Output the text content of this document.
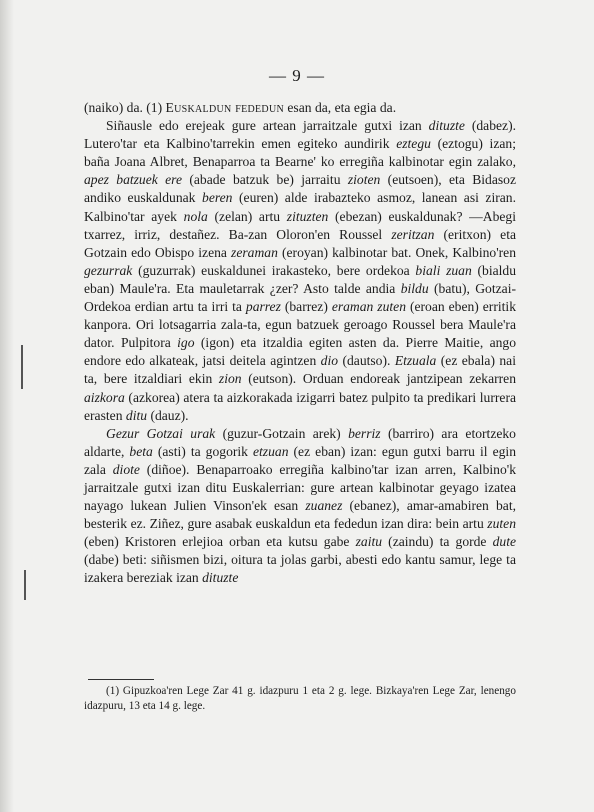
— 9 —

(naiko) da. (1) Euskaldun fededun esan da, eta egia da.

Siñausle edo erejeak gure artean jarraitzale gutxi izan dituzte (dabez). Lutero'tar eta Kalbino'tarrekin emen egiteko aundirik eztegu (eztogu) izan; baña Joana Albret, Benaparroa ta Bearne' ko erregiña kalbinotar egin zalako, apez batzuek ere (abade batzuk be) jarraitu zioten (eutsoen), eta Bidasoz andiko euskaldunak beren (euren) alde irabazteko asmoz, lanean asi ziran. Kalbino'tar ayek nola (zelan) artu zituzten (ebezan) euskaldunak? —Abegi txarrez, irriz, destañez. Ba-zan Oloron'en Roussel zeritzan (eritxon) eta Gotzain edo Obispo izena zeraman (eroyan) kalbinotar bat. Onek, Kalbino'ren gezurrak (guzurrak) euskaldunei irakasteko, bere ordekoa biali zuan (bialdu eban) Maule'ra. Eta mauletarrak ¿zer? Asto talde andia bildu (batu), Gotzai-Ordekoa erdian artu ta irri ta parrez (barrez) eraman zuten (eroan eben) erritik kanpora. Ori lotsagarria zala-ta, egun batzuek geroago Roussel bera Maule'ra dator. Pulpitora igo (igon) eta itzaldia egiten asten da. Pierre Maitie, ango endore edo alkateak, jatsi deitela agintzen dio (dautso). Etzuala (ez ebala) nai ta, bere itzaldiari ekin zion (eutson). Orduan endoreak jantzipean zekarren aizkora (azkorea) atera ta aizkorakada izigarri batez pulpito ta predikari lurrera erasten ditu (dauz).

Gezur Gotzai urak (guzur-Gotzain arek) berriz (barriro) ara etortzeko aldarte, beta (asti) ta gogorik etzuan (ez eban) izan: egun gutxi barru il egin zala diote (diñoe). Benaparroako erregiña kalbino'tar izan arren, Kalbino'k jarraitzale gutxi izan ditu Euskalerrian: gure artean kalbinotar geyago izatea nayago lukean Julien Vinson'ek esan zuanez (ebanez), amar-amabiren bat, besterik ez. Ziñez, gure asabak euskaldun eta fededun izan dira: bein artu zuten (eben) Kristoren erlejioa orban eta kutsu gabe zaitu (zaindu) ta gorde dute (dabe) beti: siñismen bizi, oitura ta jolas garbi, abesti edo kantu samur, lege ta izakera bereziak izan dituzte

(1) Gipuzkoa'ren Lege Zar 41 g. idazpuru 1 eta 2 g. lege. Bizkaya'ren Lege Zar, lenengo idazpuru, 13 eta 14 g. lege.
